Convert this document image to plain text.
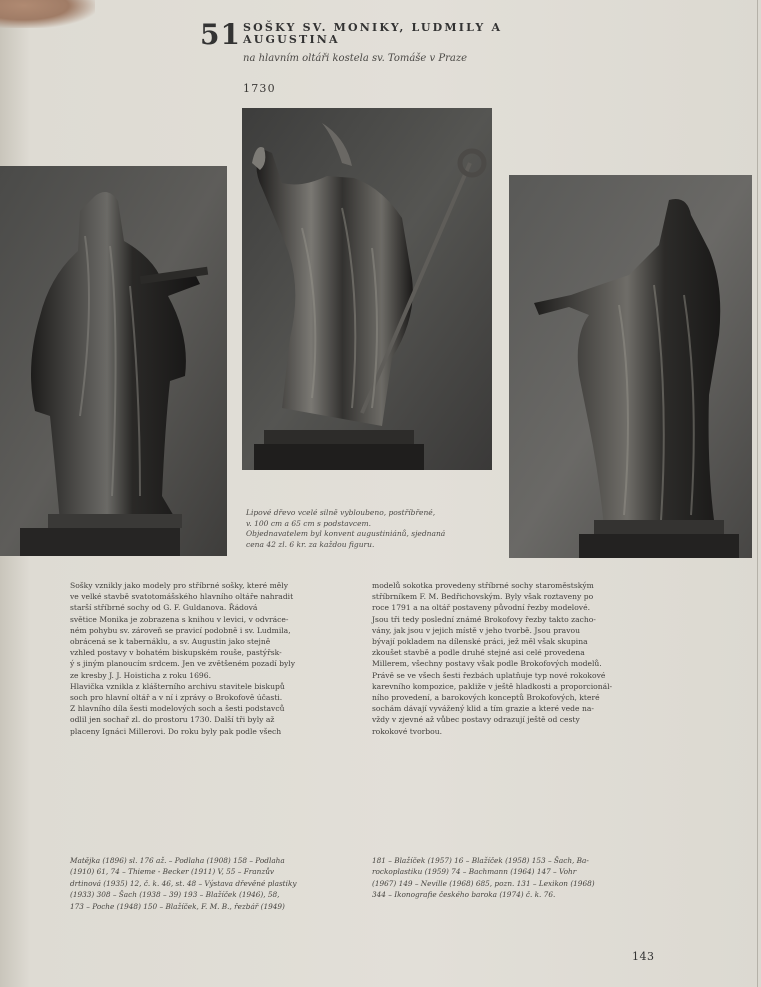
51 SOŠKY SV. MONIKY, LUDMILY A AUGUSTINA
na hlavním oltáři kostela sv. Tomáše v Praze
1730
Lipové dřevo vcelé silně vybloubeno, postříbřené,
v. 100 cm a 65 cm s podstavcem.
Objednavatelem byl konvent augustiniánů, sjednaná
cena 42 zl. 6 kr. za každou figuru.
Sošky vznikly jako modely pro stříbrné sošky, které měly
ve velké stavbě svatotomášského hlavního oltáře nahradit
starší stříbrné sochy od G. F. Guldanova. Řádová
světice Monika je zobrazena s knihou v levici, v odvráce-
ném pohybu sv. zároveň se pravicí podobně i sv. Ludmila,
obrácená se k tabernáklu, a sv. Augustin jako stejně
vzhled postavy v bohatém biskupském rouše, pastýřsk-
ý s jiným planoucím srdcem. Jen ve zvětšeném pozadí byly
ze kresby J. J. Hoisticha z roku 1696.
Hlavička vznikla z klášterního archivu stavitele biskupů
soch pro hlavní oltář a v ní i zprávy o Brokofově účasti.
Z hlavního díla šesti modelových soch a šesti podstavců
odlil jen sochař zl. do prostoru 1730. Další tři byly až
placeny Ignáci Millerovi. Do roku byly pak podle všech
modelů sokotka provedeny stříbrné sochy staroměstským
stříbrníkem F. M. Bedřichovským. Byly však roztaveny po
roce 1791 a na oltář postaveny původní řezby modelové.
Jsou tři tedy poslední známé Brokofovy řezby takto zacho-
vány, jak jsou v jejich místě v jeho tvorbě. Jsou pravou
bývají pokladem na dílenské práci, jež měl však skupina
zkoušet stavbě a podle druhé stejné asi celé provedena
Millerem, všechny postavy však podle Brokofových modelů.
Právě se ve všech šesti řezbách uplatňuje typ nové rokokové
karevního kompozice, pakliže v ještě hladkosti a proporcionál-
ního provedení, a barokových konceptů Brokofových, které
sochám dávají vyvážený klid a tím grazie a které vede na-
vždy v zjevné až vůbec postavy odrazují ještě od cesty
rokokové tvorbou.
Matějka (1896) sl. 176 až. – Podlaha (1908) 158 – Podlaha
(1910) 61, 74 – Thieme - Becker (1911) V, 55 – Franzův
drtinová (1935) 12, č. k. 46, st. 48 – Výstava dřevěné plastiky
(1933) 308 – Šach (1938 – 39) 193 – Blažíček (1946), 58,
173 – Poche (1948) 150 – Blažíček, F. M. B., řezbář (1949)
181 – Blažíček (1957) 16 – Blažíček (1958) 153 – Šach, Ba-
rockoplastiku (1959) 74 – Bachmann (1964) 147 – Vohr
(1967) 149 – Neville (1968) 685, pozn. 131 – Lexikon (1968)
344 – Ikonografie českého baroka (1974) č. k. 76.
143
